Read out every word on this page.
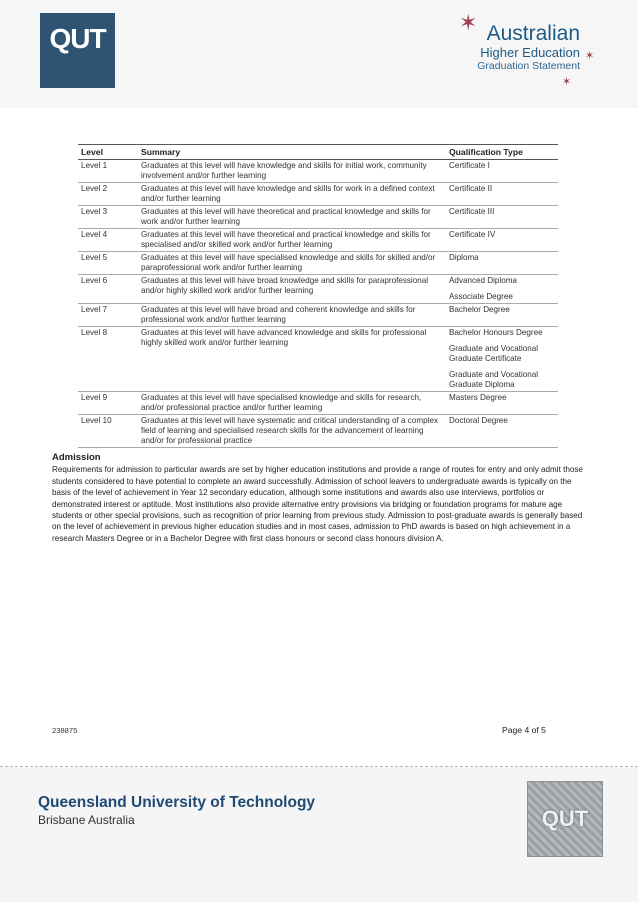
QUT
✶
✶
✶
Australian
Higher Education
Graduation Statement
Level	Summary	Qualification Type
Level 1	Graduates at this level will have knowledge and skills for initial work, community involvement and/or further learning	Certificate I

Level 2	Graduates at this level will have knowledge and skills for work in a defined context and/or further learning	Certificate II

Level 3	Graduates at this level will have theoretical and practical knowledge and skills for work and/or further learning	Certificate III

Level 4	Graduates at this level will have theoretical and practical knowledge and skills for specialised and/or skilled work and/or further learning	Certificate IV

Level 5	Graduates at this level will have specialised knowledge and skills for skilled and/or paraprofessional work and/or further learning	Diploma

Level 6	Graduates at this level will have broad knowledge and skills for paraprofessional and/or highly skilled work and/or further learning	Advanced Diploma
Associate Degree

Level 7	Graduates at this level will have broad and coherent knowledge and skills for professional work and/or further learning	Bachelor Degree

Level 8	Graduates at this level will have advanced knowledge and skills for professional highly skilled work and/or further learning	Bachelor Honours Degree
Graduate and Vocational Graduate Certificate
Graduate and Vocational Graduate Diploma

Level 9	Graduates at this level will have specialised knowledge and skills for research, and/or professional practice and/or further learning	Masters Degree

Level 10	Graduates at this level will have systematic and critical understanding of a complex field of learning and specialised research skills for the advancement of learning and/or for professional practice	Doctoral Degree
Admission

Requirements for admission to particular awards are set by higher education institutions and provide a range of routes for entry and only admit those students considered to have potential to complete an award successfully. Admission of school leavers to undergraduate awards is typically on the basis of the level of achievement in Year 12 secondary education, although some institutions and awards also use interviews, portfolios or demonstrated interest or aptitude. Most institutions also provide alternative entry provisions via bridging or foundation programs for mature age students or other special provisions, such as recognition of prior learning from previous study. Admission to post-graduate awards is generally based on the level of achievement in previous higher education studies and in most cases, admission to PhD awards is based on high achievement in a research Masters Degree or in a Bachelor Degree with first class honours or second class honours division A.

238875	Page 4 of 5
Queensland University of Technology
Brisbane Australia	QUT
